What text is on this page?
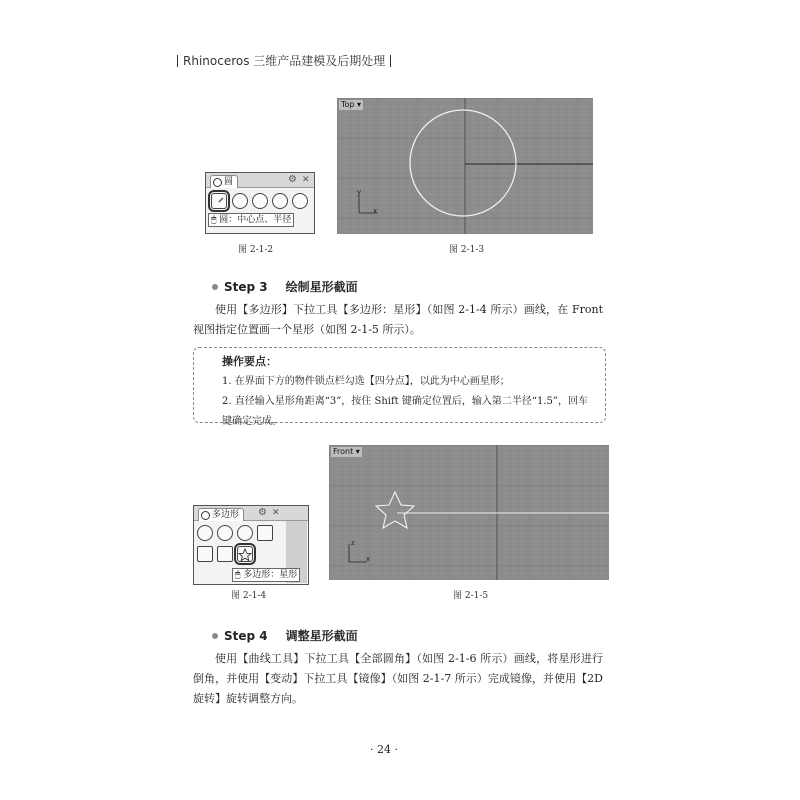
Rhinoceros 三维产品建模及后期处理
圆	⚙ ✕
🖱 圆：中心点、半径
图 2-1-2
Top ▾
y
x
图 2-1-3
Step 3 绘制星形截面
使用【多边形】下拉工具【多边形：星形】（如图 2-1-4 所示）画线，在 Front 视图指定位置画一个星形（如图 2-1-5 所示）。
操作要点：
1. 在界面下方的物件锁点栏勾选【四分点】，以此为中心画星形；
2. 直径输入星形角距离“3”，按住 Shift 键确定位置后，输入第二半径“1.5”，回车键确定完成。
多边形 ⚙ ✕
🖱 多边形：星形
图 2-1-4
Front ▾
z
x
图 2-1-5
Step 4 调整星形截面
使用【曲线工具】下拉工具【全部圆角】（如图 2-1-6 所示）画线，将星形进行倒角，并使用【变动】下拉工具【镜像】（如图 2-1-7 所示）完成镜像，并使用【2D 旋转】旋转调整方向。
· 24 ·
